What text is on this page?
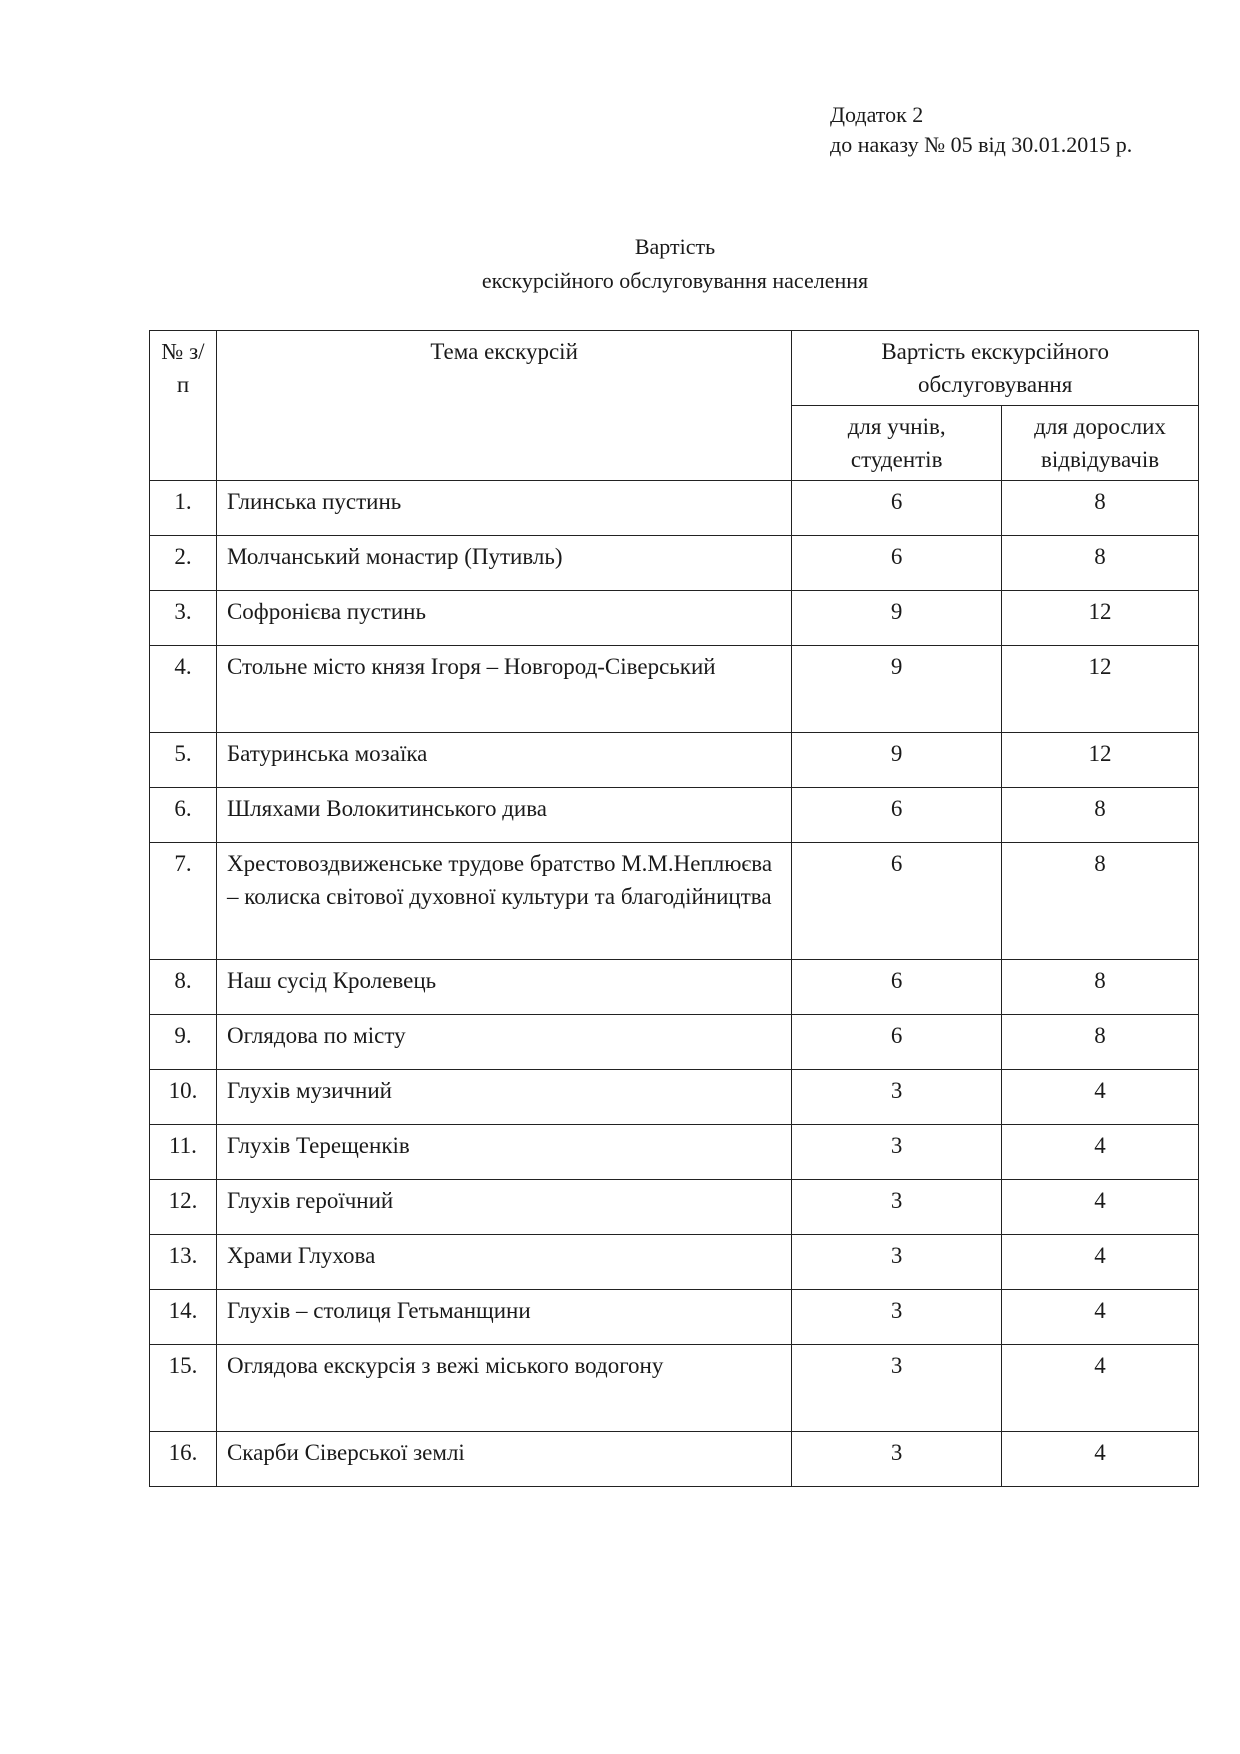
Додаток 2
до наказу № 05 від 30.01.2015 р.
Вартість
екскурсійного обслуговування населення
№ з/п	Тема екскурсій	Вартість екскурсійного обслуговування	
		для учнів, студентів	для дорослих відвідувачів
1.	Глинська пустинь	6	8
2.	Молчанський монастир (Путивль)	6	8
3.	Софронієва пустинь	9	12
4.	Стольне місто князя Ігоря – Новгород-Сіверський	9	12
5.	Батуринська мозаїка	9	12
6.	Шляхами Волокитинського дива	6	8
7.	Хрестовоздвиженське трудове братство М.М.Неплюєва – колиска світової духовної культури та благодійництва	6	8
8.	Наш сусід Кролевець	6	8
9.	Оглядова по місту	6	8
10.	Глухів музичний	3	4
11.	Глухів Терещенків	3	4
12.	Глухів героїчний	3	4
13.	Храми Глухова	3	4
14.	Глухів – столиця Гетьманщини	3	4
15.	Оглядова екскурсія з вежі міського водогону	3	4
16.	Скарби Сіверської землі	3	4
